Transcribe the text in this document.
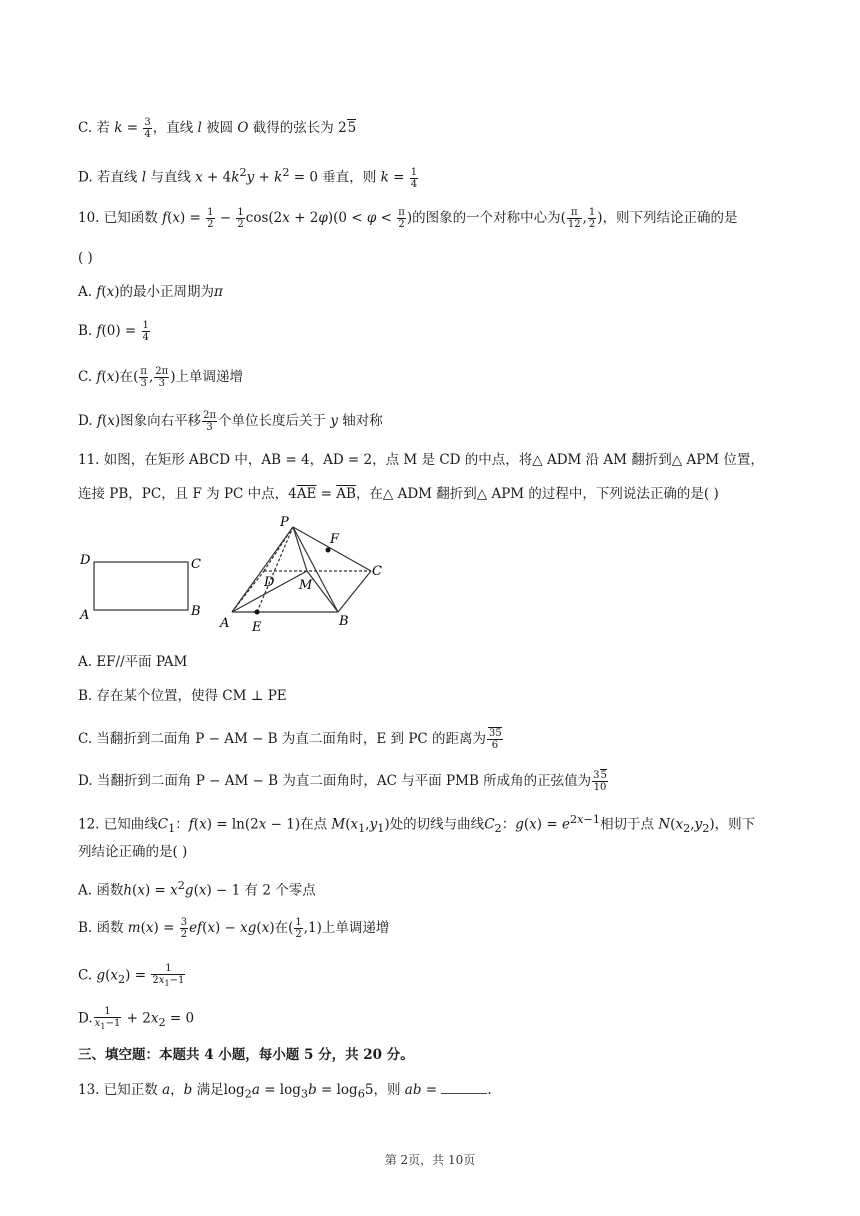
C. 若 $k = \frac{3}{4}$ ，直线 l 被圆 O 截得的弦长为 25
D. 若直线 l 与直线 $x + 4k^2y + k^2 = 0$ 垂直，则 $k = \frac{1}{4}$
10. 已知函数 $f(x) = \frac{1}{2} - \frac{1}{2} \cos(2x + 2\varphi)(0 < \varphi < \frac{\pi}{2}$ )的图象的一个对称中心为( $\frac{\pi}{12}$ , $\frac{1}{2}$ )，则下列结论正确的是
( )
A. f(x)的最小正周期为π
B. $f(0) = \frac{1}{4}$
C. f(x)在( $\frac{\pi}{3}$ , $\frac{2\pi}{3}$ )上单调递增
D. f(x)图象向右平移 $\frac{2\pi}{3}$ 个单位长度后关于 y 轴对称
11. 如图，在矩形 ABCD 中，AB = 4，AD = 2，点 M 是 CD 的中点，将△ ADM 沿 AM 翻折到△ APM 位置，
连接 PB，PC，且 F 为 PC 中点，$4\overline{AE} = \overline{AB}$，在△ ADM 翻折到△ APM 的过程中，下列说法正确的是( )
D	C
A	B
P
F
D M
C
A E	B
A. EF//平面 PAM
B. 存在某个位置，使得 CM ⊥ PE
C. 当翻折到二面角 P − AM − B 为直二面角时，E 到 PC 的距离为 $\frac{35}{6}$
D. 当翻折到二面角 P − AM − B 为直二面角时，AC 与平面 PMB 所成角的正弦值为 $\frac{35}{10}$
12. 已知曲线$C_1$：f(x) = ln(2x − 1)在点 $M(x_1,y_1)$处的切线与曲线$C_2$：$g(x) = e^{2x-1}$相切于点 $N(x_2,y_2)$，则下
列结论正确的是( )
A. 函数$h(x) = x^2g(x) - 1$ 有 2 个零点
B. 函数 $m(x) = \frac{3}{2} ef(x) - xg(x)$在( $\frac{1}{2} ,1$)上单调递增
C. $g(x_2) = \frac{1}{2x_1-1}$
D. $\frac{1}{x_1-1} + 2x_2 = 0$
三、填空题：本题共 4 小题，每小题 5 分，共 20 分。
13. 已知正数 a，b 满足$\log_2a = \log_3b = \log_65$，则 ab =	.
第 2页，共 10页
